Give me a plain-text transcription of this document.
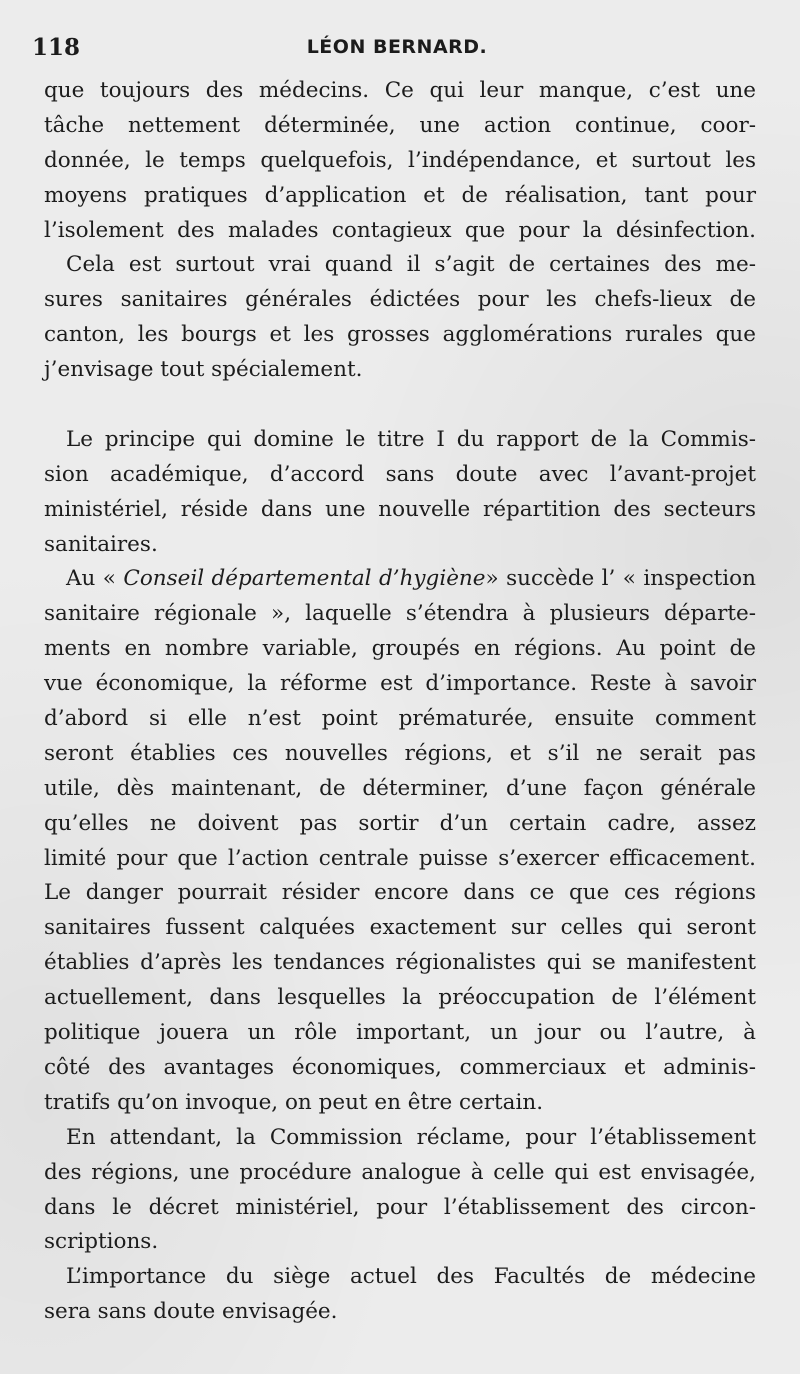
118	LÉON BERNARD.
que toujours des médecins. Ce qui leur manque, c’est une
tâche nettement déterminée, une action continue, coor-
donnée, le temps quelquefois, l’indépendance, et surtout les
moyens pratiques d’application et de réalisation, tant pour
l’isolement des malades contagieux que pour la désinfection.
Cela est surtout vrai quand il s’agit de certaines des me-
sures sanitaires générales édictées pour les chefs-lieux de
canton, les bourgs et les grosses agglomérations rurales que
j’envisage tout spécialement.
Le principe qui domine le titre I du rapport de la Commis-
sion académique, d’accord sans doute avec l’avant-projet
ministériel, réside dans une nouvelle répartition des secteurs
sanitaires.
Au « Conseil départemental d’hygiène» succède l’ « inspection
sanitaire régionale », laquelle s’étendra à plusieurs départe-
ments en nombre variable, groupés en régions. Au point de
vue économique, la réforme est d’importance. Reste à savoir
d’abord si elle n’est point prématurée, ensuite comment
seront établies ces nouvelles régions, et s’il ne serait pas
utile, dès maintenant, de déterminer, d’une façon générale
qu’elles ne doivent pas sortir d’un certain cadre, assez
limité pour que l’action centrale puisse s’exercer efficacement.
Le danger pourrait résider encore dans ce que ces régions
sanitaires fussent calquées exactement sur celles qui seront
établies d’après les tendances régionalistes qui se manifestent
actuellement, dans lesquelles la préoccupation de l’élément
politique jouera un rôle important, un jour ou l’autre, à
côté des avantages économiques, commerciaux et adminis-
tratifs qu’on invoque, on peut en être certain.
En attendant, la Commission réclame, pour l’établissement
des régions, une procédure analogue à celle qui est envisagée,
dans le décret ministériel, pour l’établissement des circon-
scriptions.
L’importance du siège actuel des Facultés de médecine
sera sans doute envisagée.
